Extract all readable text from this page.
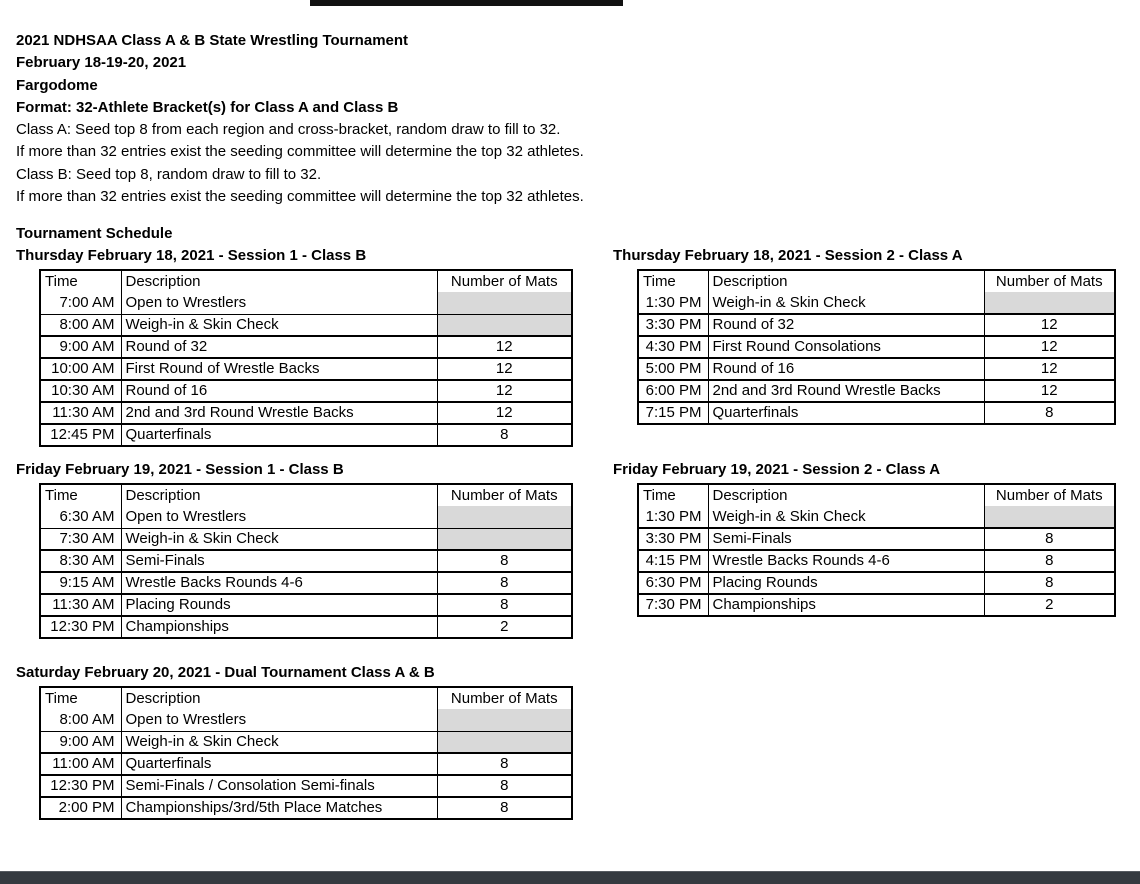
2021 NDHSAA Class A & B State Wrestling Tournament
February 18-19-20, 2021
Fargodome
Format: 32-Athlete Bracket(s) for Class A and Class B
Class A: Seed top 8 from each region and cross-bracket, random draw to fill to 32.
If more than 32 entries exist the seeding committee will determine the top 32 athletes.
Class B: Seed top 8, random draw to fill to 32.
If more than 32 entries exist the seeding committee will determine the top 32 athletes.
Tournament Schedule
Thursday February 18, 2021 - Session 1 - Class B
Time	Description	Number of Mats
7:00 AM	Open to Wrestlers	
8:00 AM	Weigh-in & Skin Check	
9:00 AM	Round of 32	12
10:00 AM	First Round of Wrestle Backs	12
10:30 AM	Round of 16	12
11:30 AM	2nd and 3rd Round Wrestle Backs	12
12:45 PM	Quarterfinals	8
Thursday February 18, 2021 - Session 2 - Class A
Time	Description	Number of Mats
1:30 PM	Weigh-in & Skin Check	
3:30 PM	Round of 32	12
4:30 PM	First Round Consolations	12
5:00 PM	Round of 16	12
6:00 PM	2nd and 3rd Round Wrestle Backs	12
7:15 PM	Quarterfinals	8
Friday February 19, 2021 - Session 1 - Class B
Time	Description	Number of Mats
6:30 AM	Open to Wrestlers	
7:30 AM	Weigh-in & Skin Check	
8:30 AM	Semi-Finals	8
9:15 AM	Wrestle Backs Rounds 4-6	8
11:30 AM	Placing Rounds	8
12:30 PM	Championships	2
Friday February 19, 2021 - Session 2 - Class A
Time	Description	Number of Mats
1:30 PM	Weigh-in & Skin Check	
3:30 PM	Semi-Finals	8
4:15 PM	Wrestle Backs Rounds 4-6	8
6:30 PM	Placing Rounds	8
7:30 PM	Championships	2
Saturday February 20, 2021 - Dual Tournament Class A & B
Time	Description	Number of Mats
8:00 AM	Open to Wrestlers	
9:00 AM	Weigh-in & Skin Check	
11:00 AM	Quarterfinals	8
12:30 PM	Semi-Finals / Consolation Semi-finals	8
2:00 PM	Championships/3rd/5th Place Matches	8
